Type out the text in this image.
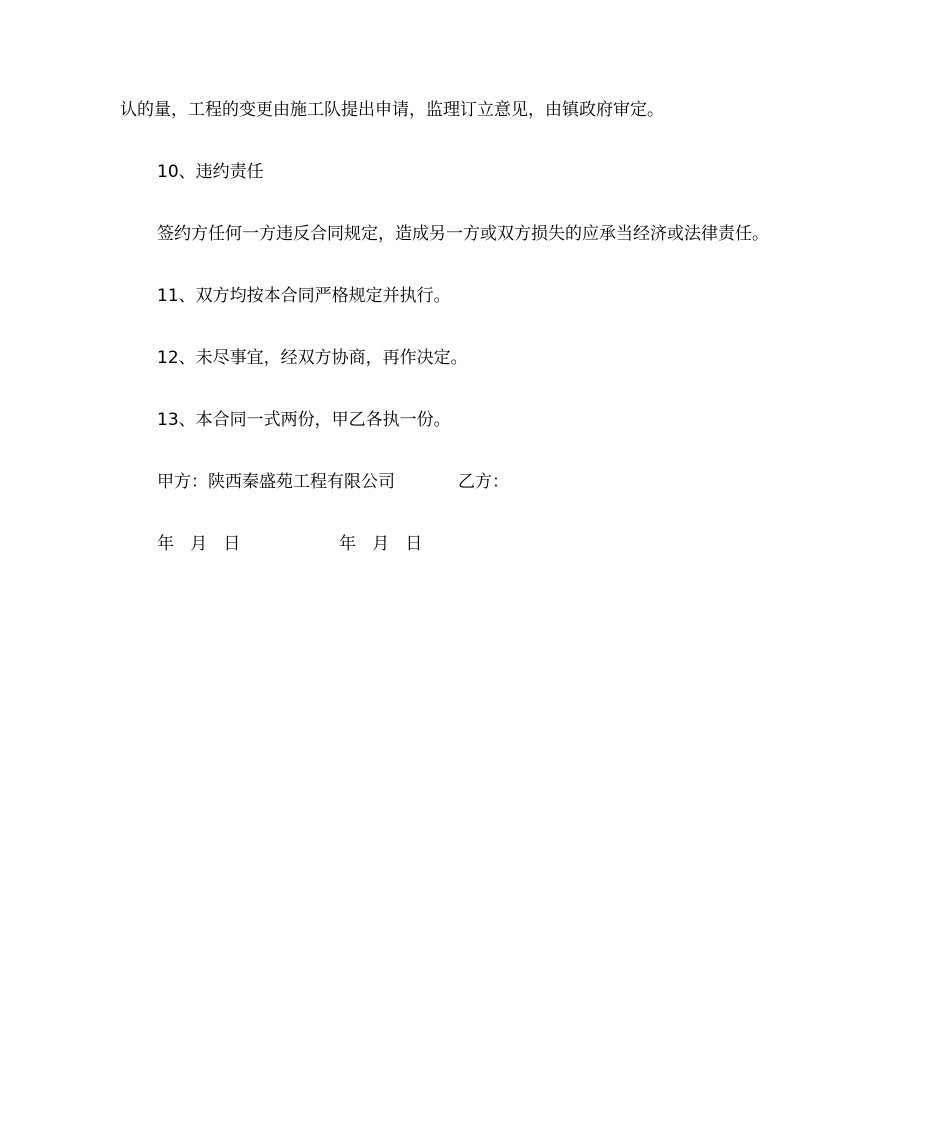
认的量，工程的变更由施工队提出申请，监理订立意见，由镇政府审定。
10、违约责任
签约方任何一方违反合同规定，造成另一方或双方损失的应承当经济或法律责任。
11、双方均按本合同严格规定并执行。
12、未尽事宜，经双方协商，再作决定。
13、本合同一式两份，甲乙各执一份。
甲方：陕西秦盛苑工程有限公司	乙方：
年   月   日	年   月   日
